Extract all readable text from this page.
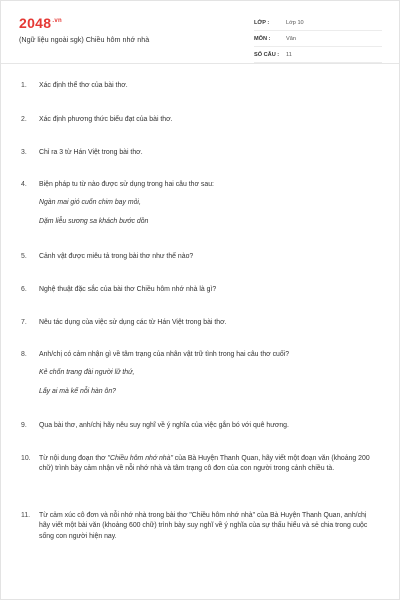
$2048^{.vn}$
(Ngữ liệu ngoài sgk) Chiều hôm nhớ nhà
LỚP :	Lớp 10
MÔN :	Văn
SỐ CÂU :	11
1.	Xác định thể thơ của bài thơ.
2.	Xác định phương thức biểu đạt của bài thơ.
3.	Chỉ ra 3 từ Hán Việt trong bài thơ.
4.	Biện pháp tu từ nào được sử dụng trong hai câu thơ sau:
Ngàn mai gió cuốn chim bay mỏi,
Dặm liễu sương sa khách bước dồn
5.	Cảnh vật được miêu tả trong bài thơ như thế nào?
6.	Nghệ thuật đặc sắc của bài thơ Chiều hôm nhớ nhà là gì?
7.	Nêu tác dụng của việc sử dụng các từ Hán Việt trong bài thơ.
8.	Anh/chị có cảm nhận gì về tâm trạng của nhân vật trữ tình trong hai câu thơ cuối?
Kẻ chốn trang đài người lữ thứ,
Lấy ai mà kể nỗi hàn ôn?
9.	Qua bài thơ, anh/chị hãy nêu suy nghĩ về ý nghĩa của việc gắn bó với quê hương.
10.	Từ nội dung đoạn thơ "Chiều hôm nhớ nhà" của Bà Huyện Thanh Quan, hãy viết một đoạn văn (khoảng 200 chữ) trình bày cảm nhận về nỗi nhớ nhà và tâm trạng cô đơn của con người trong cảnh chiều tà.
11.	Từ cảm xúc cô đơn và nỗi nhớ nhà trong bài thơ "Chiều hôm nhớ nhà" của Bà Huyện Thanh Quan, anh/chị hãy viết một bài văn (khoảng 600 chữ) trình bày suy nghĩ về ý nghĩa của sự thấu hiểu và sẻ chia trong cuộc sống con người hiện nay.
